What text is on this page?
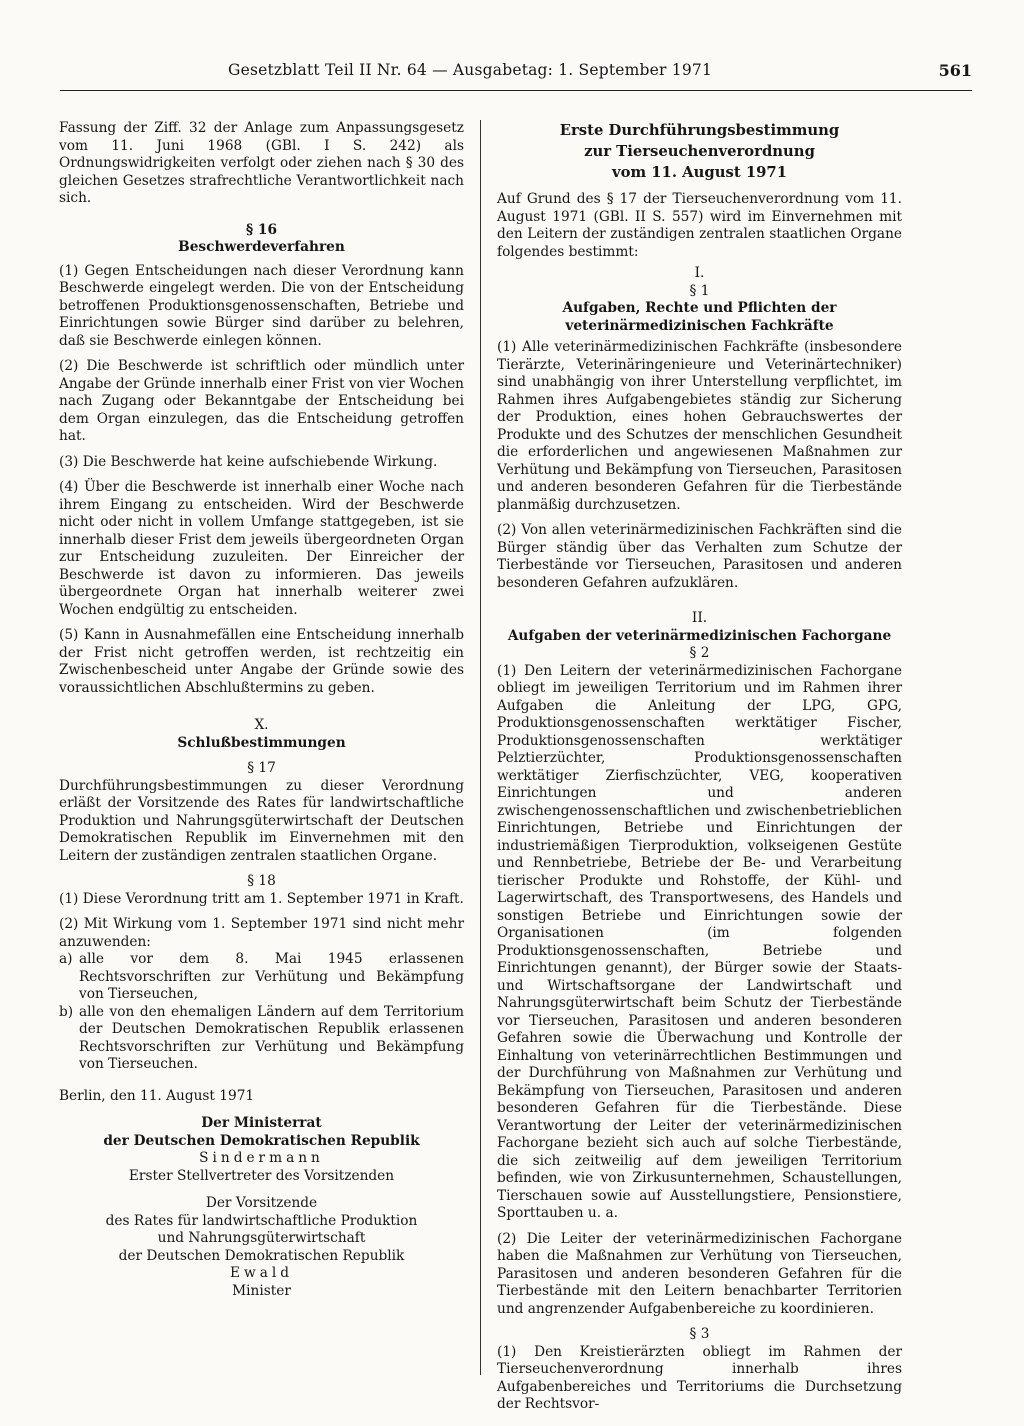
Gesetzblatt Teil II Nr. 64 — Ausgabetag: 1. September 1971	561

Fassung der Ziff. 32 der Anlage zum Anpassungsgesetz vom 11. Juni 1968 (GBl. I S. 242) als Ordnungswidrigkeiten verfolgt oder ziehen nach § 30 des gleichen Gesetzes strafrechtliche Verantwortlichkeit nach sich.

§ 16
Beschwerdeverfahren

(1) Gegen Entscheidungen nach dieser Verordnung kann Beschwerde eingelegt werden. Die von der Entscheidung betroffenen Produktionsgenossenschaften, Betriebe und Einrichtungen sowie Bürger sind darüber zu belehren, daß sie Beschwerde einlegen können.

(2) Die Beschwerde ist schriftlich oder mündlich unter Angabe der Gründe innerhalb einer Frist von vier Wochen nach Zugang oder Bekanntgabe der Entscheidung bei dem Organ einzulegen, das die Entscheidung getroffen hat.

(3) Die Beschwerde hat keine aufschiebende Wirkung.

(4) Über die Beschwerde ist innerhalb einer Woche nach ihrem Eingang zu entscheiden. Wird der Beschwerde nicht oder nicht in vollem Umfange stattgegeben, ist sie innerhalb dieser Frist dem jeweils übergeordneten Organ zur Entscheidung zuzuleiten. Der Einreicher der Beschwerde ist davon zu informieren. Das jeweils übergeordnete Organ hat innerhalb weiterer zwei Wochen endgültig zu entscheiden.

(5) Kann in Ausnahmefällen eine Entscheidung innerhalb der Frist nicht getroffen werden, ist rechtzeitig ein Zwischenbescheid unter Angabe der Gründe sowie des voraussichtlichen Abschlußtermins zu geben.

X.
Schlußbestimmungen
§ 17

Durchführungsbestimmungen zu dieser Verordnung erläßt der Vorsitzende des Rates für landwirtschaftliche Produktion und Nahrungsgüterwirtschaft der Deutschen Demokratischen Republik im Einvernehmen mit den Leitern der zuständigen zentralen staatlichen Organe.

§ 18

(1) Diese Verordnung tritt am 1. September 1971 in Kraft.

(2) Mit Wirkung vom 1. September 1971 sind nicht mehr anzuwenden:

a) alle vor dem 8. Mai 1945 erlassenen Rechtsvorschriften zur Verhütung und Bekämpfung von Tierseuchen,
b) alle von den ehemaligen Ländern auf dem Territorium der Deutschen Demokratischen Republik erlassenen Rechtsvorschriften zur Verhütung und Bekämpfung von Tierseuchen.

Berlin, den 11. August 1971

Der Ministerrat
der Deutschen Demokratischen Republik
Sindermann
Erster Stellvertreter des Vorsitzenden
Der Vorsitzende
des Rates für landwirtschaftliche Produktion
und Nahrungsgüterwirtschaft
der Deutschen Demokratischen Republik
Ewald
Minister
Erste Durchführungsbestimmung
zur Tierseuchenverordnung
vom 11. August 1971

Auf Grund des § 17 der Tierseuchenverordnung vom 11. August 1971 (GBl. II S. 557) wird im Einvernehmen mit den Leitern der zuständigen zentralen staatlichen Organe folgendes bestimmt:

I.
§ 1
Aufgaben, Rechte und Pflichten der
veterinärmedizinischen Fachkräfte

(1) Alle veterinärmedizinischen Fachkräfte (insbesondere Tierärzte, Veterinäringenieure und Veterinärtechniker) sind unabhängig von ihrer Unterstellung verpflichtet, im Rahmen ihres Aufgabengebietes ständig zur Sicherung der Produktion, eines hohen Gebrauchswertes der Produkte und des Schutzes der menschlichen Gesundheit die erforderlichen und angewiesenen Maßnahmen zur Verhütung und Bekämpfung von Tierseuchen, Parasitosen und anderen besonderen Gefahren für die Tierbestände planmäßig durchzusetzen.

(2) Von allen veterinärmedizinischen Fachkräften sind die Bürger ständig über das Verhalten zum Schutze der Tierbestände vor Tierseuchen, Parasitosen und anderen besonderen Gefahren aufzuklären.

II.
Aufgaben der veterinärmedizinischen Fachorgane
§ 2

(1) Den Leitern der veterinärmedizinischen Fachorgane obliegt im jeweiligen Territorium und im Rahmen ihrer Aufgaben die Anleitung der LPG, GPG, Produktionsgenossenschaften werktätiger Fischer, Produktionsgenossenschaften werktätiger Pelztierzüchter, Produktionsgenossenschaften werktätiger Zierfischzüchter, VEG, kooperativen Einrichtungen und anderen zwischengenossenschaftlichen und zwischenbetrieblichen Einrichtungen, Betriebe und Einrichtungen der industriemäßigen Tierproduktion, volkseigenen Gestüte und Rennbetriebe, Betriebe der Be- und Verarbeitung tierischer Produkte und Rohstoffe, der Kühl- und Lagerwirtschaft, des Transportwesens, des Handels und sonstigen Betriebe und Einrichtungen sowie der Organisationen (im folgenden Produktionsgenossenschaften, Betriebe und Einrichtungen genannt), der Bürger sowie der Staats- und Wirtschaftsorgane der Landwirtschaft und Nahrungsgüterwirtschaft beim Schutz der Tierbestände vor Tierseuchen, Parasitosen und anderen besonderen Gefahren sowie die Überwachung und Kontrolle der Einhaltung von veterinärrechtlichen Bestimmungen und der Durchführung von Maßnahmen zur Verhütung und Bekämpfung von Tierseuchen, Parasitosen und anderen besonderen Gefahren für die Tierbestände. Diese Verantwortung der Leiter der veterinärmedizinischen Fachorgane bezieht sich auch auf solche Tierbestände, die sich zeitweilig auf dem jeweiligen Territorium befinden, wie von Zirkusunternehmen, Schaustellungen, Tierschauen sowie auf Ausstellungstiere, Pensionstiere, Sporttauben u. a.

(2) Die Leiter der veterinärmedizinischen Fachorgane haben die Maßnahmen zur Verhütung von Tierseuchen, Parasitosen und anderen besonderen Gefahren für die Tierbestände mit den Leitern benachbarter Territorien und angrenzender Aufgabenbereiche zu koordinieren.

§ 3

(1) Den Kreistierärzten obliegt im Rahmen der Tierseuchenverordnung innerhalb ihres Aufgabenbereiches und Territoriums die Durchsetzung der Rechtsvor-
